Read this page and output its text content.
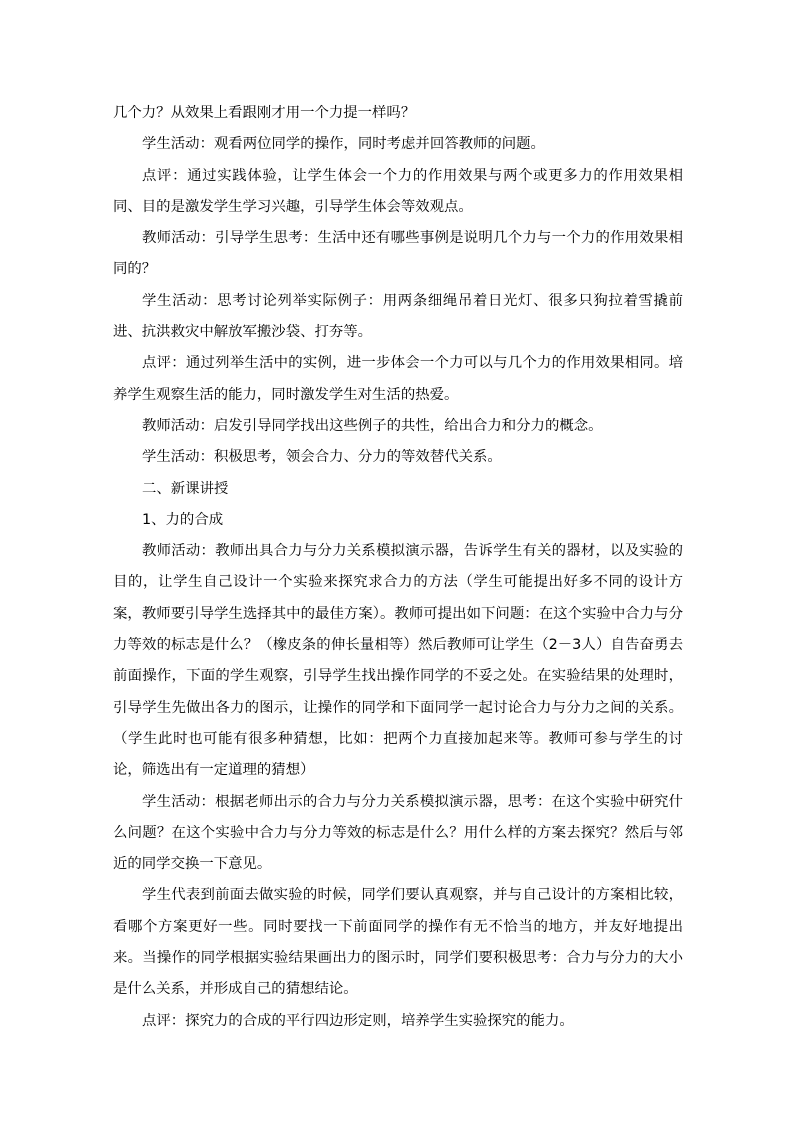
几个力？从效果上看跟刚才用一个力提一样吗？

学生活动：观看两位同学的操作，同时考虑并回答教师的问题。

点评：通过实践体验，让学生体会一个力的作用效果与两个或更多力的作用效果相同、目的是激发学生学习兴趣，引导学生体会等效观点。

教师活动：引导学生思考：生活中还有哪些事例是说明几个力与一个力的作用效果相同的？

学生活动：思考讨论列举实际例子：用两条细绳吊着日光灯、很多只狗拉着雪撬前进、抗洪救灾中解放军搬沙袋、打夯等。

点评：通过列举生活中的实例，进一步体会一个力可以与几个力的作用效果相同。培养学生观察生活的能力，同时激发学生对生活的热爱。

教师活动：启发引导同学找出这些例子的共性，给出合力和分力的概念。

学生活动：积极思考，领会合力、分力的等效替代关系。

二、新课讲授

1、力的合成

教师活动：教师出具合力与分力关系模拟演示器，告诉学生有关的器材，以及实验的目的，让学生自己设计一个实验来探究求合力的方法（学生可能提出好多不同的设计方案，教师要引导学生选择其中的最佳方案）。教师可提出如下问题：在这个实验中合力与分力等效的标志是什么？（橡皮条的伸长量相等）然后教师可让学生（2－3人）自告奋勇去前面操作，下面的学生观察，引导学生找出操作同学的不妥之处。在实验结果的处理时，引导学生先做出各力的图示，让操作的同学和下面同学一起讨论合力与分力之间的关系。（学生此时也可能有很多种猜想，比如：把两个力直接加起来等。教师可参与学生的讨论，筛选出有一定道理的猜想）

学生活动：根据老师出示的合力与分力关系模拟演示器，思考：在这个实验中研究什么问题？在这个实验中合力与分力等效的标志是什么？用什么样的方案去探究？然后与邻近的同学交换一下意见。

学生代表到前面去做实验的时候，同学们要认真观察，并与自己设计的方案相比较，看哪个方案更好一些。同时要找一下前面同学的操作有无不恰当的地方，并友好地提出来。当操作的同学根据实验结果画出力的图示时，同学们要积极思考：合力与分力的大小是什么关系，并形成自己的猜想结论。

点评：探究力的合成的平行四边形定则，培养学生实验探究的能力。
